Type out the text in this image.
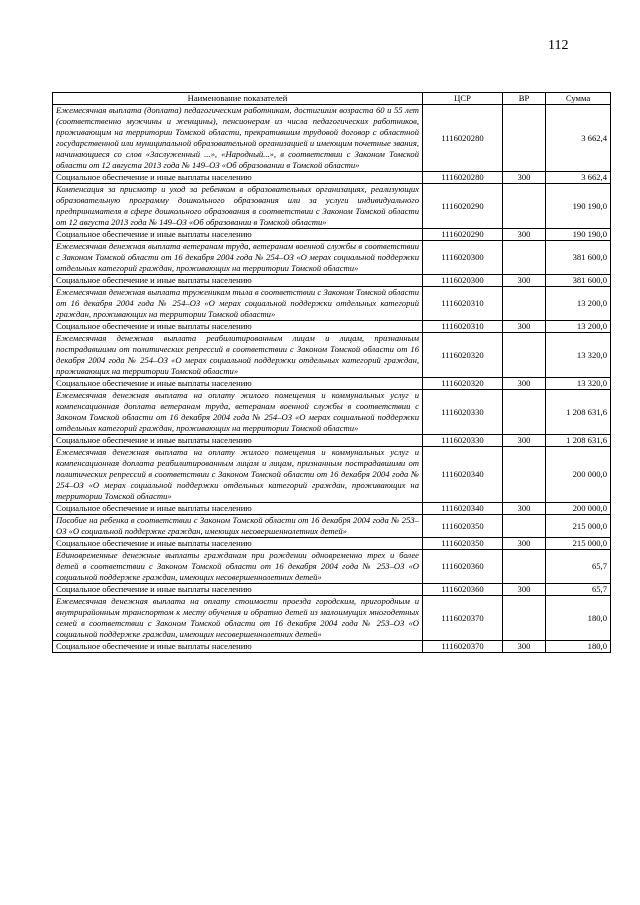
112
Наименование показателей	ЦСР	ВР	Сумма
Ежемесячная выплата (доплата) педагогическим работникам, достигшим возраста 60 и 55 лет (соответственно мужчины и женщины), пенсионерам из числа педагогических работников, проживающим на территории Томской области, прекратившим трудовой договор с областной государственной или муниципальной образовательной организацией и имеющим почетные звания, начинающиеся со слов «Заслуженный ...», «Народный...», в соответствии с Законом Томской области от 12 августа 2013 года № 149–ОЗ «Об образовании в Томской области»	1116020280		3 662,4
Социальное обеспечение и иные выплаты населению	1116020280	300	3 662,4
Компенсация за присмотр и уход за ребенком в образовательных организациях, реализующих образовательную программу дошкольного образования или за услуги индивидуального предпринимателя в сфере дошкольного образования в соответствии с Законом Томской области от 12 августа 2013 года № 149–ОЗ «Об образовании в Томской области»	1116020290		190 190,0
Социальное обеспечение и иные выплаты населению	1116020290	300	190 190,0
Ежемесячная денежная выплата ветеранам труда, ветеранам военной службы в соответствии с Законом Томской области от 16 декабря 2004 года № 254–ОЗ «О мерах социальной поддержки отдельных категорий граждан, проживающих на территории Томской области»	1116020300		381 600,0
Социальное обеспечение и иные выплаты населению	1116020300	300	381 600,0
Ежемесячная денежная выплата труженикам тыла в соответствии с Законом Томской области от 16 декабря 2004 года № 254–ОЗ «О мерах социальной поддержки отдельных категорий граждан, проживающих на территории Томской области»	1116020310		13 200,0
Социальное обеспечение и иные выплаты населению	1116020310	300	13 200,0
Ежемесячная денежная выплата реабилитированным лицам и лицам, признанным пострадавшими от политических репрессий в соответствии с Законом Томской области от 16 декабря 2004 года № 254–ОЗ «О мерах социальной поддержки отдельных категорий граждан, проживающих на территории Томской области»	1116020320		13 320,0
Социальное обеспечение и иные выплаты населению	1116020320	300	13 320,0
Ежемесячная денежная выплата на оплату жилого помещения и коммунальных услуг и компенсационная доплата ветеранам труда, ветеранам военной службы в соответствии с Законом Томской области от 16 декабря 2004 года № 254–ОЗ «О мерах социальной поддержки отдельных категорий граждан, проживающих на территории Томской области»	1116020330		1 208 631,6
Социальное обеспечение и иные выплаты населению	1116020330	300	1 208 631,6
Ежемесячная денежная выплата на оплату жилого помещения и коммунальных услуг и компенсационная доплата реабилитированным лицам и лицам, признанным пострадавшими от политических репрессий в соответствии с Законом Томской области от 16 декабря 2004 года № 254–ОЗ «О мерах социальной поддержки отдельных категорий граждан, проживающих на территории Томской области»	1116020340		200 000,0
Социальное обеспечение и иные выплаты населению	1116020340	300	200 000,0
Пособие на ребенка в соответствии с Законом Томской области от 16 декабря 2004 года № 253–ОЗ «О социальной поддержке граждан, имеющих несовершеннолетних детей»	1116020350		215 000,0
Социальное обеспечение и иные выплаты населению	1116020350	300	215 000,0
Единовременные денежные выплаты гражданам при рождении одновременно трех и более детей в соответствии с Законом Томской области от 16 декабря 2004 года № 253–ОЗ «О социальной поддержке граждан, имеющих несовершеннолетних детей»	1116020360		65,7
Социальное обеспечение и иные выплаты населению	1116020360	300	65,7
Ежемесячная денежная выплата на оплату стоимости проезда городским, пригородным и внутрирайонным транспортом к месту обучения и обратно детей из малоимущих многодетных семей в соответствии с Законом Томской области от 16 декабря 2004 года № 253–ОЗ «О социальной поддержке граждан, имеющих несовершеннолетних детей»	1116020370		180,0
Социальное обеспечение и иные выплаты населению	1116020370	300	180,0
